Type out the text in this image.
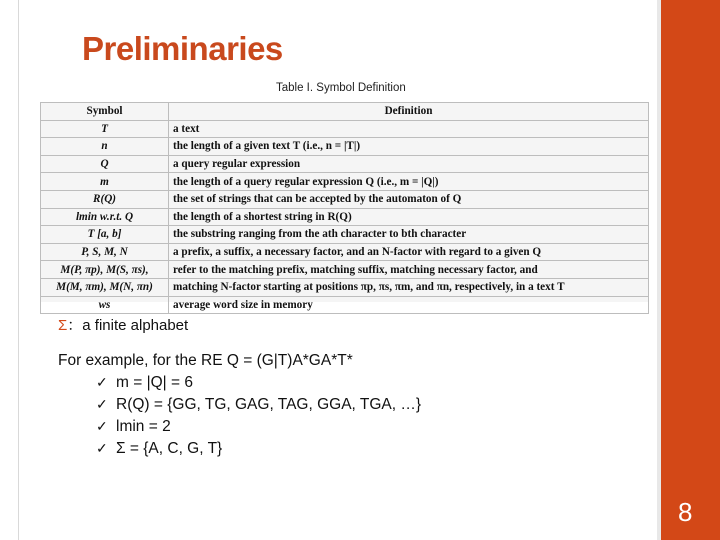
Preliminaries
Table I. Symbol Definition
Symbol	Definition
T	a text
n	the length of a given text T (i.e., n = |T|)
Q	a query regular expression
m	the length of a query regular expression Q (i.e., m = |Q|)
R(Q)	the set of strings that can be accepted by the automaton of Q
lmin w.r.t. Q	the length of a shortest string in R(Q)
T [a, b]	the substring ranging from the ath character to bth character
P, S, M, N	a prefix, a suffix, a necessary factor, and an N-factor with regard to a given Q
M(P, πp), M(S, πs),	refer to the matching prefix, matching suffix, matching necessary factor, and
M(M, πm), M(N, πn)	matching N-factor starting at positions πp, πs, πm, and πn, respectively, in a text T
ws	average word size in memory
Σ：a finite alphabet
For example, for the RE Q = (G|T)A*GA*T*
✓ m = |Q| = 6
✓ R(Q) = {GG, TG, GAG, TAG, GGA, TGA, …}
✓ lmin = 2
✓ Σ = {A, C, G, T}
8
